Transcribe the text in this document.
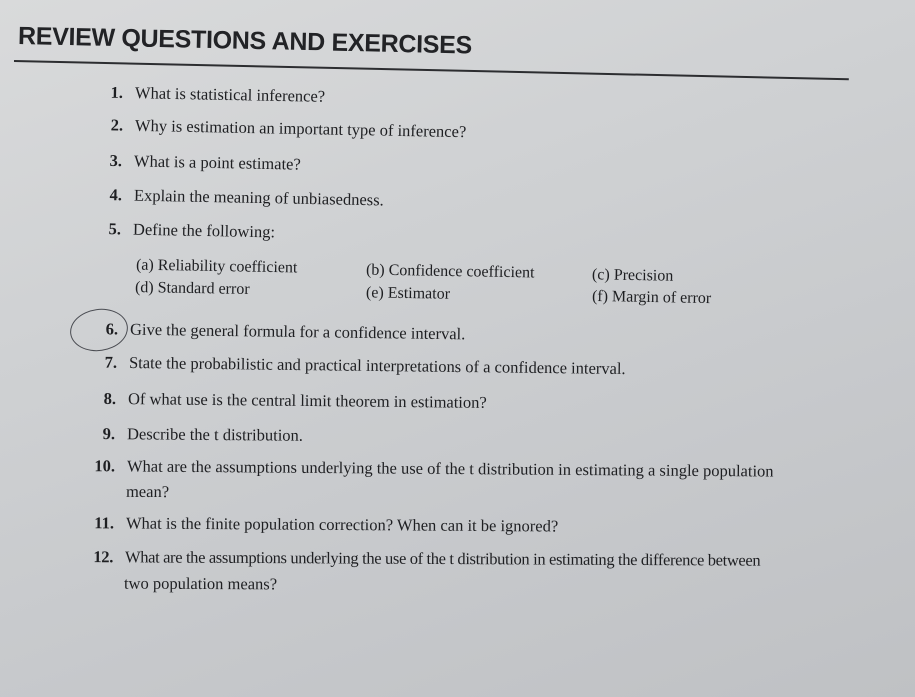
REVIEW QUESTIONS AND EXERCISES
1. What is statistical inference?
2. Why is estimation an important type of inference?
3. What is a point estimate?
4. Explain the meaning of unbiasedness.
5. Define the following:
(a) Reliability coefficient	(b) Confidence coefficient	(c) Precision
(d) Standard error	(e) Estimator	(f) Margin of error
6. Give the general formula for a confidence interval.
7. State the probabilistic and practical interpretations of a confidence interval.
8. Of what use is the central limit theorem in estimation?
9. Describe the t distribution.
10. What are the assumptions underlying the use of the t distribution in estimating a single population
mean?
11. What is the finite population correction? When can it be ignored?
12. What are the assumptions underlying the use of the t distribution in estimating the difference between
two population means?
